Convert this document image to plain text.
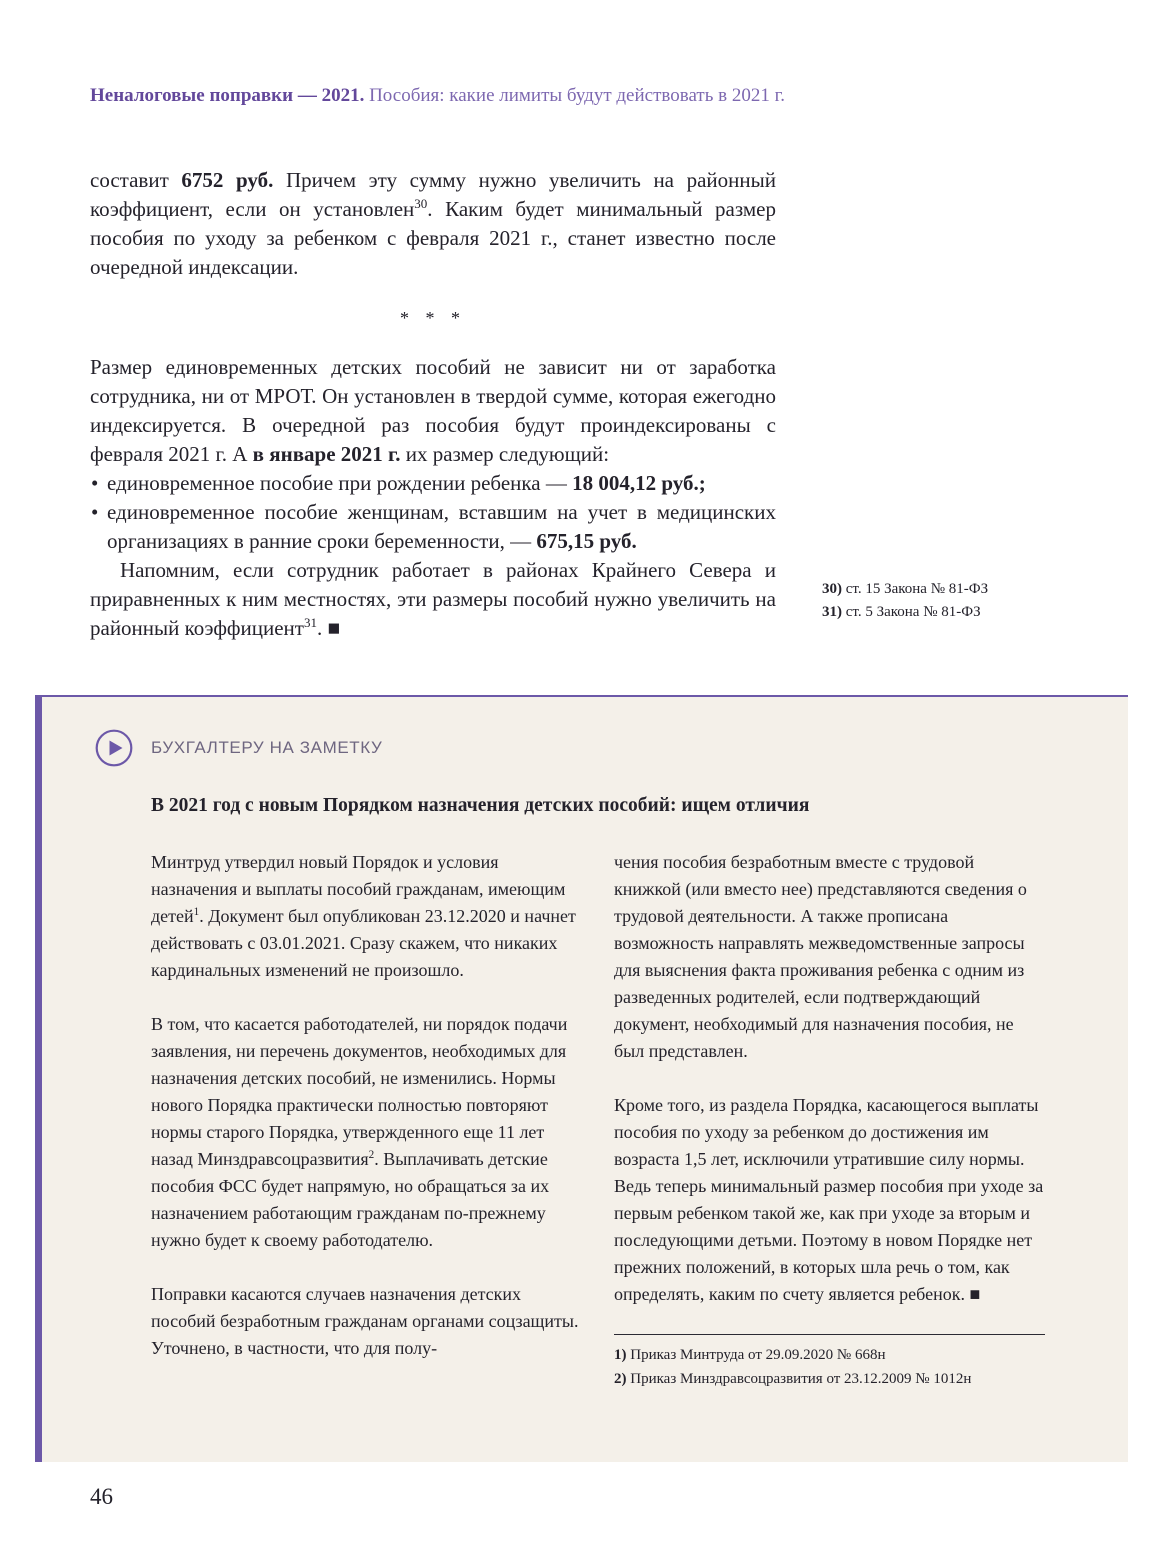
Неналоговые поправки — 2021. Пособия: какие лимиты будут действовать в 2021 г.

составит 6752 руб. Причем эту сумму нужно увеличить на районный коэффициент, если он установлен$^{30}$. Каким будет минимальный размер пособия по уходу за ребенком с февраля 2021 г., станет известно после очередной индексации.

* * *

Размер единовременных детских пособий не зависит ни от заработка сотрудника, ни от МРОТ. Он установлен в твердой сумме, которая ежегодно индексируется. В очередной раз пособия будут проиндексированы с февраля 2021 г. А в январе 2021 г. их размер следующий:

• единовременное пособие при рождении ребенка — 18 004,12 руб.;
• единовременное пособие женщинам, вставшим на учет в медицинских организациях в ранние сроки беременности, — 675,15 руб.

Напомним, если сотрудник работает в районах Крайнего Севера и приравненных к ним местностях, эти размеры пособий нужно увеличить на районный коэффициент$^{31}$. ■

30) ст. 15 Закона № 81-ФЗ

31) ст. 5 Закона № 81-ФЗ

БУХГАЛТЕРУ НА ЗАМЕТКУ
В 2021 год с новым Порядком назначения детских пособий: ищем отличия

Минтруд утвердил новый Порядок и условия назначения и выплаты пособий гражданам, имеющим детей$^1$. Документ был опубликован 23.12.2020 и начнет действовать с 03.01.2021. Сразу скажем, что никаких кардинальных изменений не произошло.

В том, что касается работодателей, ни порядок подачи заявления, ни перечень документов, необходимых для назначения детских пособий, не изменились. Нормы нового Порядка практически полностью повторяют нормы старого Порядка, утвержденного еще 11 лет назад Минздравсоцразвития$^2$. Выплачивать детские пособия ФСС будет напрямую, но обращаться за их назначением работающим гражданам по-прежнему нужно будет к своему работодателю.

Поправки касаются случаев назначения детских пособий безработным гражданам органами соцзащиты. Уточнено, в частности, что для полу-

чения пособия безработным вместе с трудовой книжкой (или вместо нее) представляются сведения о трудовой деятельности. А также прописана возможность направлять межведомственные запросы для выяснения факта проживания ребенка с одним из разведенных родителей, если подтверждающий документ, необходимый для назначения пособия, не был представлен.

Кроме того, из раздела Порядка, касающегося выплаты пособия по уходу за ребенком до достижения им возраста 1,5 лет, исключили утратившие силу нормы. Ведь теперь минимальный размер пособия при уходе за первым ребенком такой же, как при уходе за вторым и последующими детьми. Поэтому в новом Порядке нет прежних положений, в которых шла речь о том, как определять, каким по счету является ребенок. ■

1) Приказ Минтруда от 29.09.2020 № 668н

2) Приказ Минздравсоцразвития от 23.12.2009 № 1012н

46
